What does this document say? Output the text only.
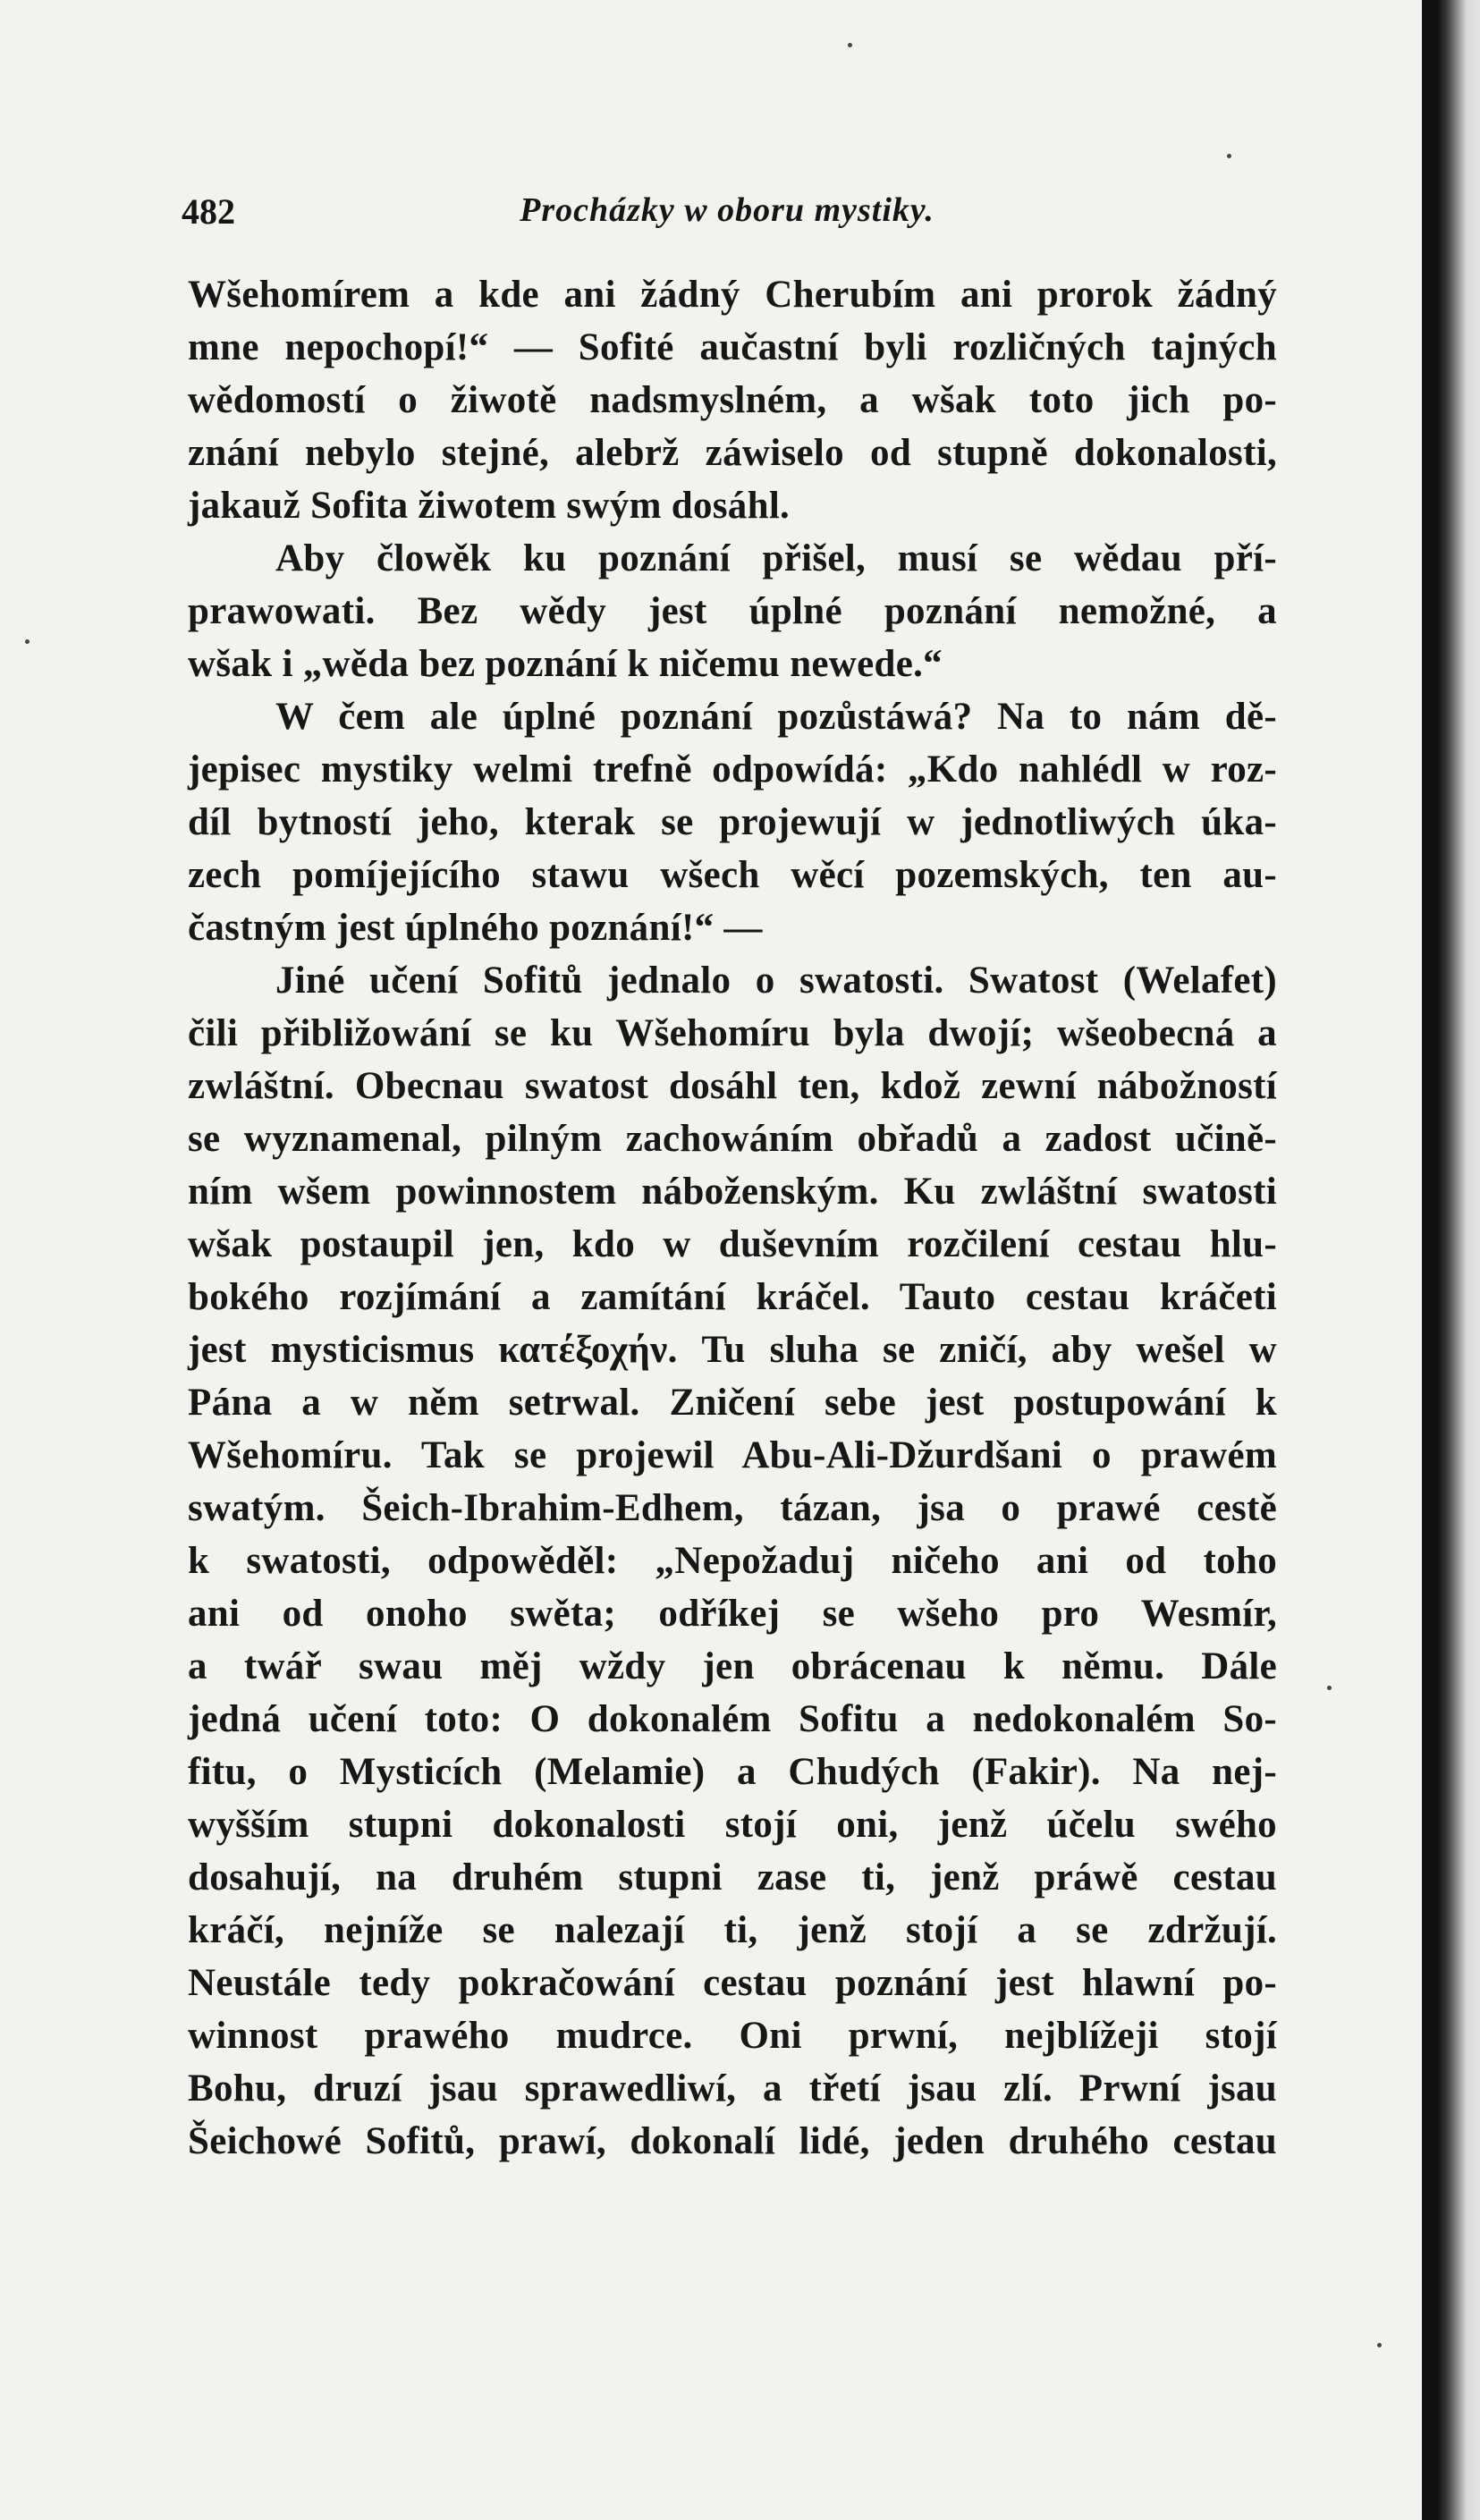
482	Procházky w oboru mystiky.
Wšehomírem a kde ani žádný Cherubím ani prorok žádný
mne nepochopí!“ — Sofité aučastní byli rozličných tajných
wědomostí o žiwotě nadsmyslném, a wšak toto jich po-
znání nebylo stejné, alebrž záwiselo od stupně dokonalosti,
jakauž Sofita žiwotem swým dosáhl.
Aby člowěk ku poznání přišel, musí se wědau pří-
prawowati. Bez wědy jest úplné poznání nemožné, a
wšak i „wěda bez poznání k ničemu newede.“
W čem ale úplné poznání pozůstáwá? Na to nám dě-
jepisec mystiky welmi trefně odpowídá: „Kdo nahlédl w roz-
díl bytností jeho, kterak se projewují w jednotliwých úka-
zech pomíjejícího stawu wšech wěcí pozemských, ten au-
častným jest úplného poznání!“ —
Jiné učení Sofitů jednalo o swatosti. Swatost (Welafet)
čili přibližowání se ku Wšehomíru byla dwojí; wšeobecná a
zwláštní. Obecnau swatost dosáhl ten, kdož zewní nábožností
se wyznamenal, pilným zachowáním obřadů a zadost učině-
ním wšem powinnostem náboženským. Ku zwláštní swatosti
wšak postaupil jen, kdo w duševním rozčilení cestau hlu-
bokého rozjímání a zamítání kráčel. Tauto cestau kráčeti
jest mysticismus κατέξοχήν. Tu sluha se zničí, aby wešel w
Pána a w něm setrwal. Zničení sebe jest postupowání k
Wšehomíru. Tak se projewil Abu-Ali-Džurdšani o prawém
swatým. Šeich-Ibrahim-Edhem, tázan, jsa o prawé cestě
k swatosti, odpowěděl: „Nepožaduj ničeho ani od toho
ani od onoho swěta; odříkej se wšeho pro Wesmír,
a twář swau měj wždy jen obrácenau k němu. Dále
jedná učení toto: O dokonalém Sofitu a nedokonalém So-
fitu, o Mysticích (Melamie) a Chudých (Fakir). Na nej-
wyšším stupni dokonalosti stojí oni, jenž účelu swého
dosahují, na druhém stupni zase ti, jenž práwě cestau
kráčí, nejníže se nalezají ti, jenž stojí a se zdržují.
Neustále tedy pokračowání cestau poznání jest hlawní po-
winnost prawého mudrce. Oni prwní, nejblížeji stojí
Bohu, druzí jsau sprawedliwí, a třetí jsau zlí. Prwní jsau
Šeichowé Sofitů, prawí, dokonalí lidé, jeden druhého cestau
